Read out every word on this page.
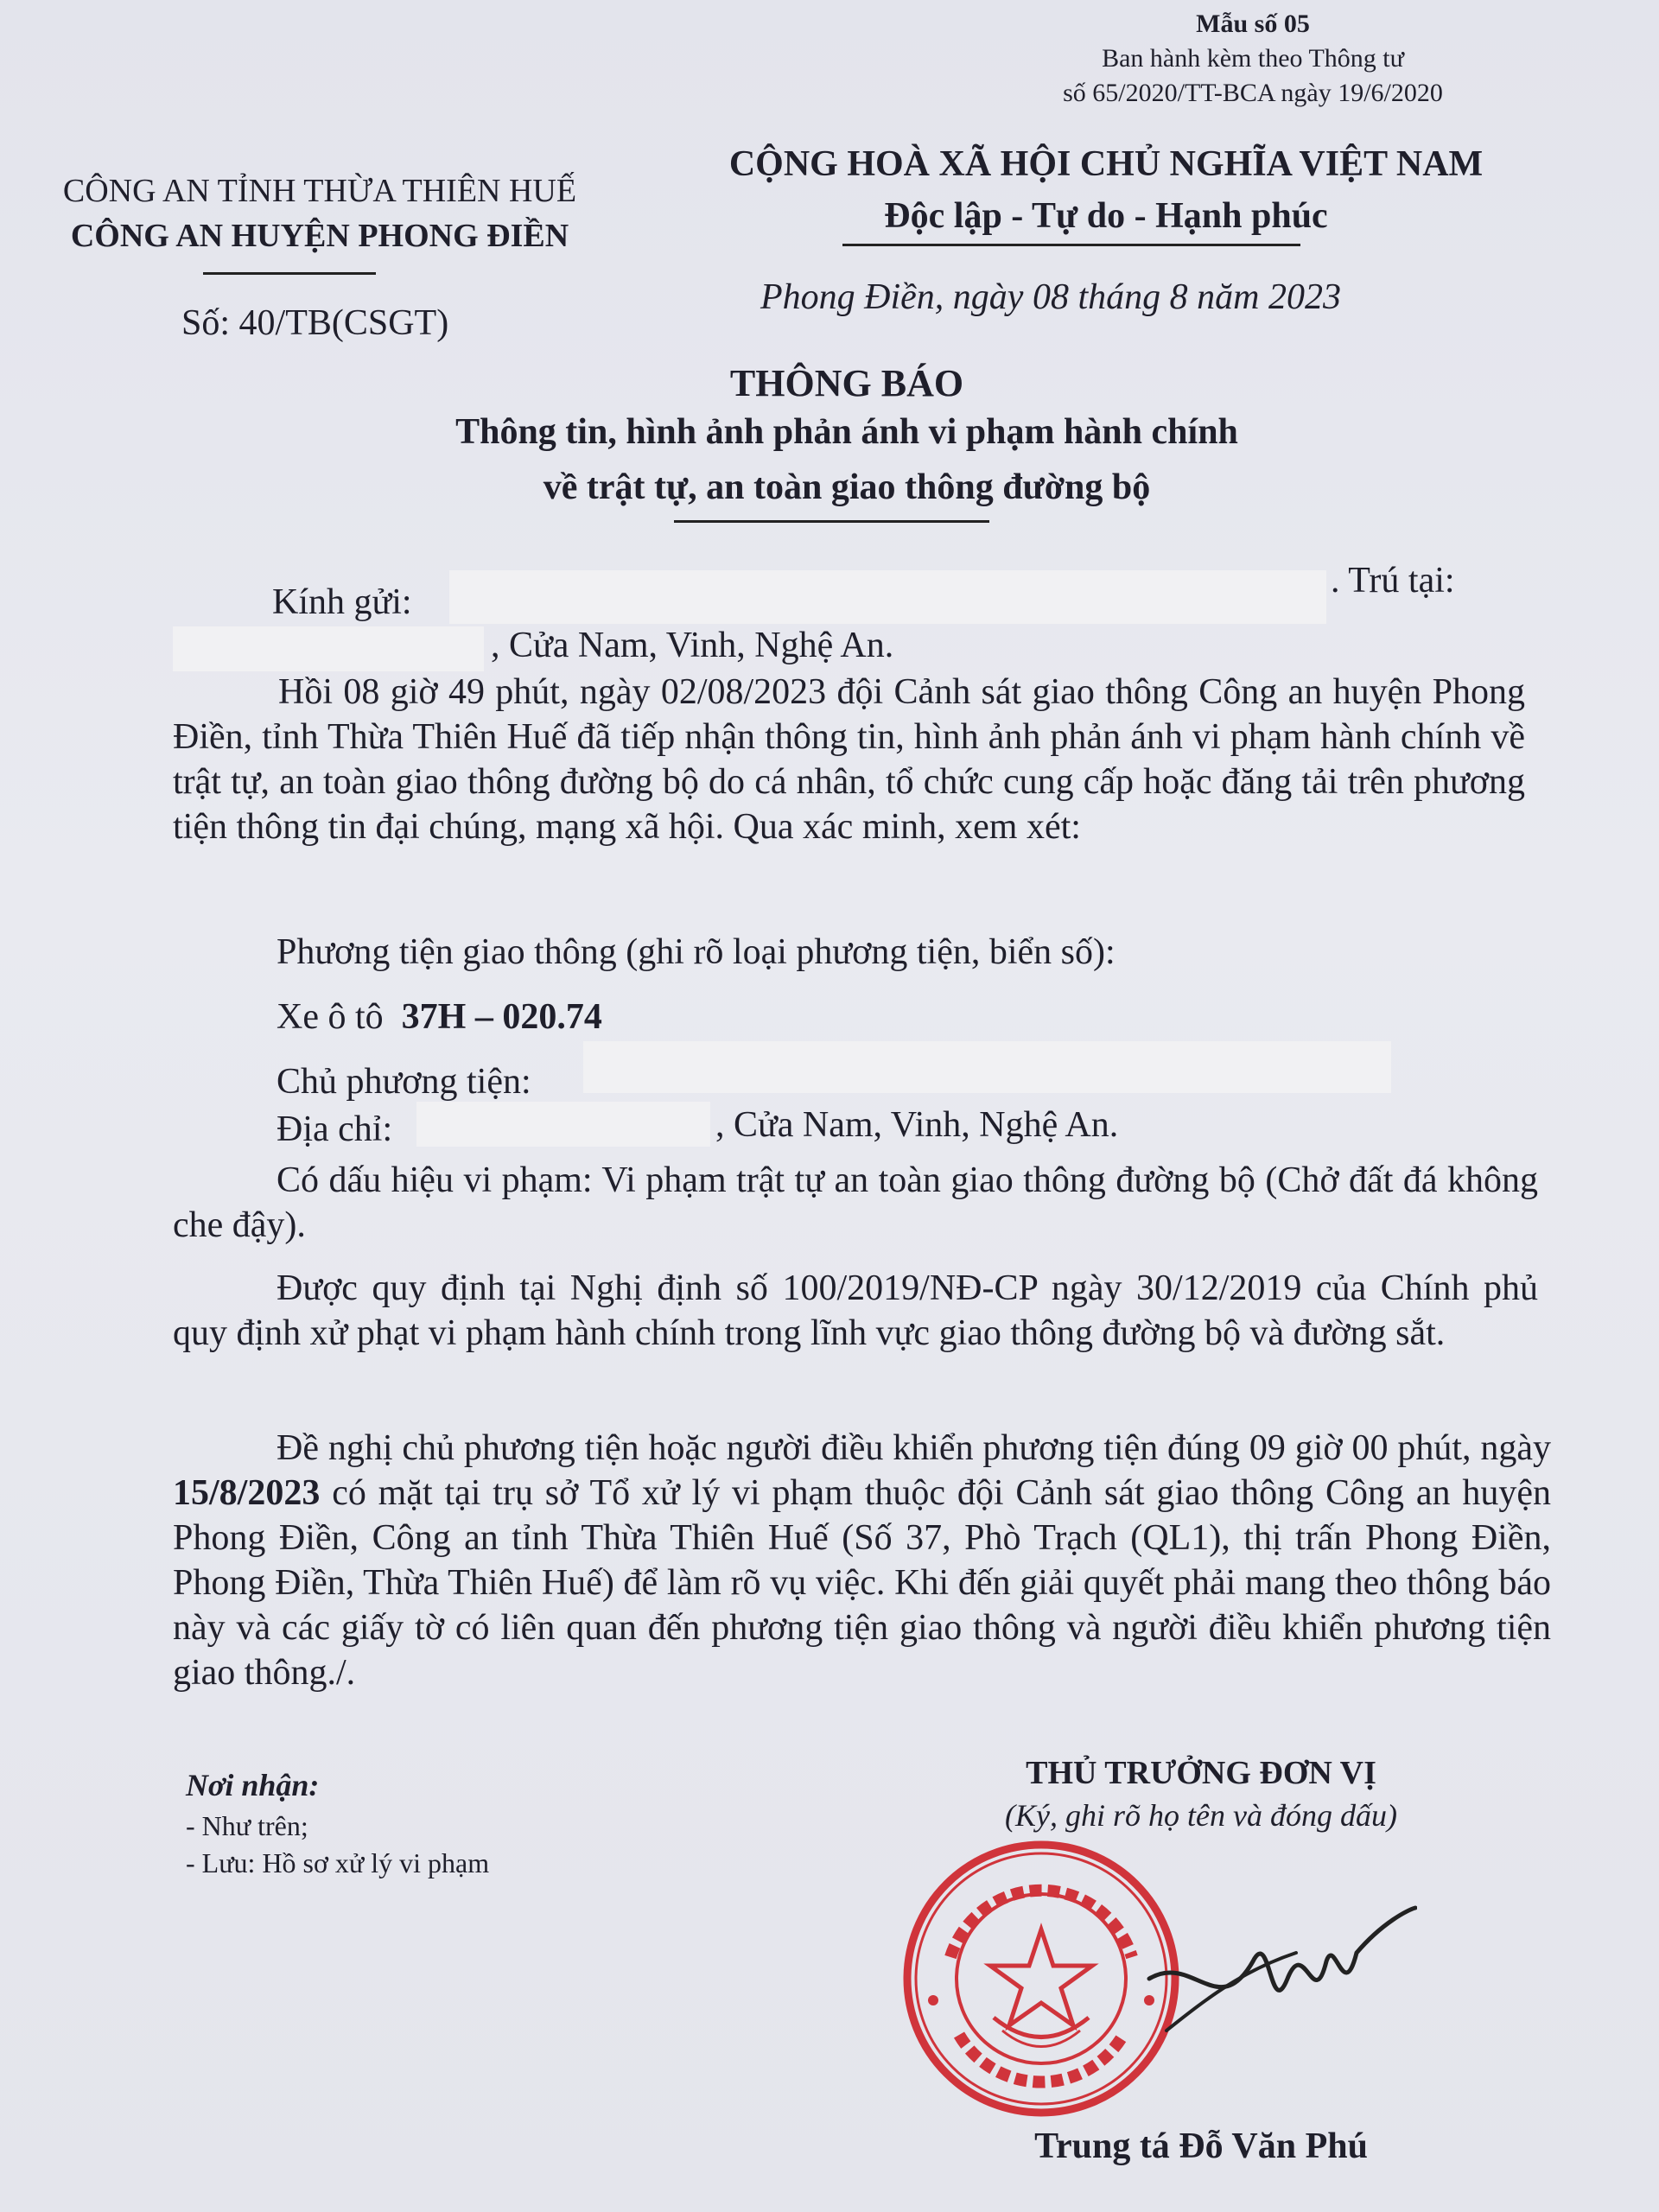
Mẫu số 05
Ban hành kèm theo Thông tư
số 65/2020/TT-BCA ngày 19/6/2020
CÔNG AN TỈNH THỪA THIÊN HUẾ
CÔNG AN HUYỆN PHONG ĐIỀN
CỘNG HOÀ XÃ HỘI CHỦ NGHĨA VIỆT NAM
Độc lập - Tự do - Hạnh phúc
Số: 40/TB(CSGT)
Phong Điền, ngày 08 tháng 8 năm 2023
THÔNG BÁO
Thông tin, hình ảnh phản ánh vi phạm hành chính
về trật tự, an toàn giao thông đường bộ
Kính gửi:
. Trú tại:
, Cửa Nam, Vinh, Nghệ An.
Hồi 08 giờ 49 phút, ngày 02/08/2023 đội Cảnh sát giao thông Công an huyện Phong Điền, tỉnh Thừa Thiên Huế đã tiếp nhận thông tin, hình ảnh phản ánh vi phạm hành chính về trật tự, an toàn giao thông đường bộ do cá nhân, tổ chức cung cấp hoặc đăng tải trên phương tiện thông tin đại chúng, mạng xã hội. Qua xác minh, xem xét:
Phương tiện giao thông (ghi rõ loại phương tiện, biển số):
Xe ô tô 37H – 020.74
Chủ phương tiện:
Địa chỉ:	, Cửa Nam, Vinh, Nghệ An.
Có dấu hiệu vi phạm: Vi phạm trật tự an toàn giao thông đường bộ (Chở đất đá không che đậy).
Được quy định tại Nghị định số 100/2019/NĐ-CP ngày 30/12/2019 của Chính phủ quy định xử phạt vi phạm hành chính trong lĩnh vực giao thông đường bộ và đường sắt.
Đề nghị chủ phương tiện hoặc người điều khiển phương tiện đúng 09 giờ 00 phút, ngày 15/8/2023 có mặt tại trụ sở Tổ xử lý vi phạm thuộc đội Cảnh sát giao thông Công an huyện Phong Điền, Công an tỉnh Thừa Thiên Huế (Số 37, Phò Trạch (QL1), thị trấn Phong Điền, Phong Điền, Thừa Thiên Huế) để làm rõ vụ việc. Khi đến giải quyết phải mang theo thông báo này và các giấy tờ có liên quan đến phương tiện giao thông và người điều khiển phương tiện giao thông./.
Nơi nhận:
- Như trên;
- Lưu: Hồ sơ xử lý vi phạm
THỦ TRƯỞNG ĐƠN VỊ
(Ký, ghi rõ họ tên và đóng dấu)
Trung tá Đỗ Văn Phú
